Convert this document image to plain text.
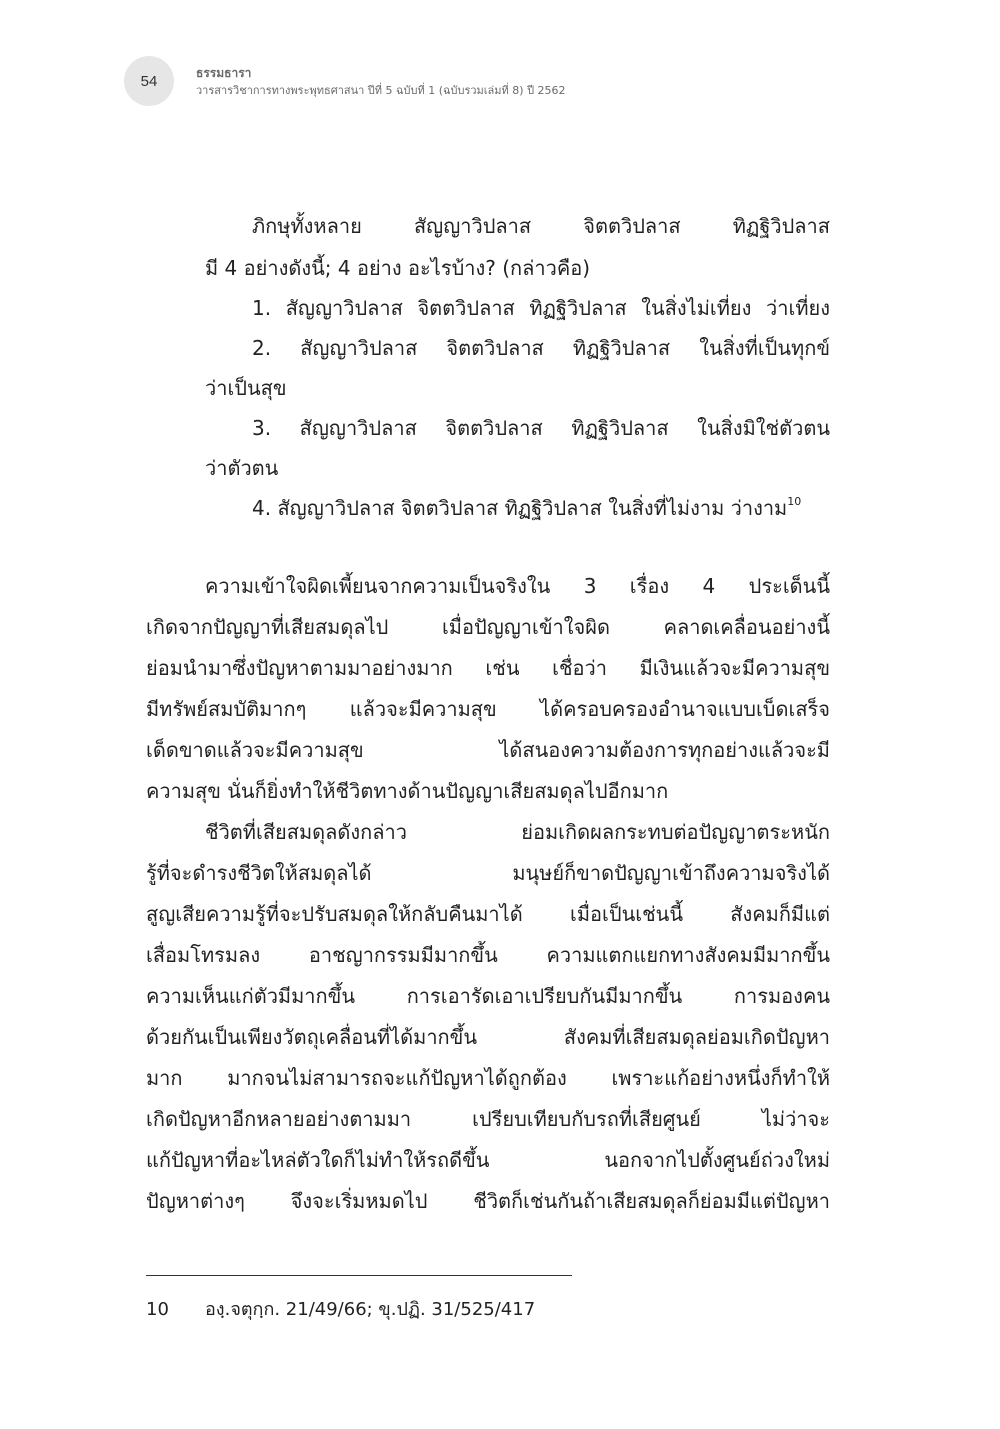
54	ธรรมธารา
วารสารวิชาการทางพระพุทธศาสนา ปีที่ 5 ฉบับที่ 1 (ฉบับรวมเล่มที่ 8) ปี 2562
ภิกษุทั้งหลาย สัญญาวิปลาส จิตตวิปลาส ทิฏฐิวิปลาส
มี 4 อย่างดังนี้; 4 อย่าง อะไรบ้าง? (กล่าวคือ)
1. สัญญาวิปลาส จิตตวิปลาส ทิฏฐิวิปลาส ในสิ่งไม่เที่ยง ว่าเที่ยง
2. สัญญาวิปลาส จิตตวิปลาส ทิฏฐิวิปลาส ในสิ่งที่เป็นทุกข์
ว่าเป็นสุข
3. สัญญาวิปลาส จิตตวิปลาส ทิฏฐิวิปลาส ในสิ่งมิใช่ตัวตน
ว่าตัวตน
4. สัญญาวิปลาส จิตตวิปลาส ทิฏฐิวิปลาส ในสิ่งที่ไม่งาม ว่างาม$^{10}$
ความเข้าใจผิดเพี้ยนจากความเป็นจริงใน 3 เรื่อง 4 ประเด็นนี้
เกิดจากปัญญาที่เสียสมดุลไป เมื่อปัญญาเข้าใจผิด คลาดเคลื่อนอย่างนี้
ย่อมนำมาซึ่งปัญหาตามมาอย่างมาก เช่น เชื่อว่า มีเงินแล้วจะมีความสุข
มีทรัพย์สมบัติมากๆ แล้วจะมีความสุข ได้ครอบครองอำนาจแบบเบ็ดเสร็จ
เด็ดขาดแล้วจะมีความสุข ได้สนองความต้องการทุกอย่างแล้วจะมี
ความสุข นั่นก็ยิ่งทำให้ชีวิตทางด้านปัญญาเสียสมดุลไปอีกมาก
ชีวิตที่เสียสมดุลดังกล่าว ย่อมเกิดผลกระทบต่อปัญญาตระหนัก
รู้ที่จะดำรงชีวิตให้สมดุลได้ มนุษย์ก็ขาดปัญญาเข้าถึงความจริงได้
สูญเสียความรู้ที่จะปรับสมดุลให้กลับคืนมาได้ เมื่อเป็นเช่นนี้ สังคมก็มีแต่
เสื่อมโทรมลง อาชญากรรมมีมากขึ้น ความแตกแยกทางสังคมมีมากขึ้น
ความเห็นแก่ตัวมีมากขึ้น การเอารัดเอาเปรียบกันมีมากขึ้น การมองคน
ด้วยกันเป็นเพียงวัตถุเคลื่อนที่ได้มากขึ้น สังคมที่เสียสมดุลย่อมเกิดปัญหา
มาก มากจนไม่สามารถจะแก้ปัญหาได้ถูกต้อง เพราะแก้อย่างหนึ่งก็ทำให้
เกิดปัญหาอีกหลายอย่างตามมา เปรียบเทียบกับรถที่เสียศูนย์ ไม่ว่าจะ
แก้ปัญหาที่อะไหล่ตัวใดก็ไม่ทำให้รถดีขึ้น นอกจากไปตั้งศูนย์ถ่วงใหม่
ปัญหาต่างๆ จึงจะเริ่มหมดไป ชีวิตก็เช่นกันถ้าเสียสมดุลก็ย่อมมีแต่ปัญหา
10 องฺ.จตุกฺก. 21/49/66; ขุ.ปฏิ. 31/525/417
